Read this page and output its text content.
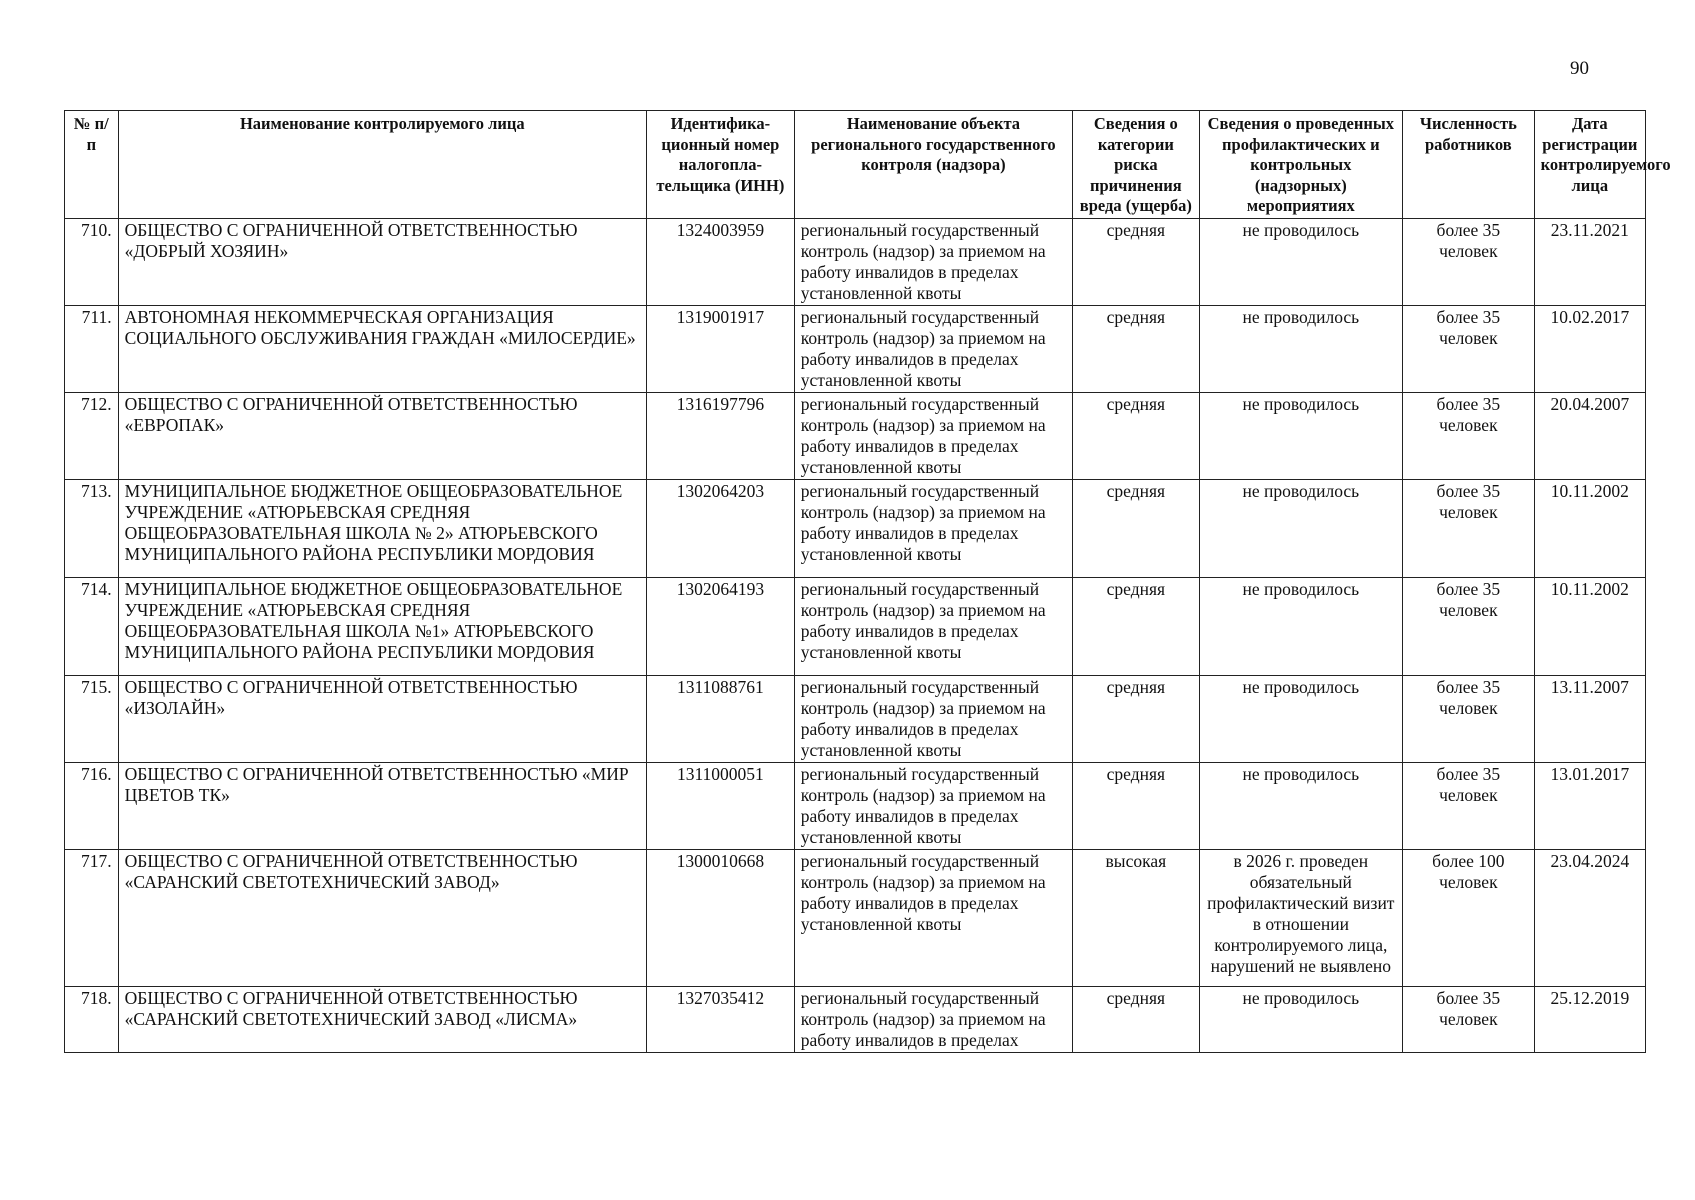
90
№ п/п	Наименование контролируемого лица	Идентифика-ционный номер налогопла-тельщика (ИНН)	Наименование объекта регионального государственного контроля (надзора)	Сведения о категории риска причинения вреда (ущерба)	Сведения о проведенных профилактических и контрольных (надзорных) мероприятиях	Численность работников	Дата регистрации контролируемого лица
710.	ОБЩЕСТВО С ОГРАНИЧЕННОЙ ОТВЕТСТВЕННОСТЬЮ «ДОБРЫЙ ХОЗЯИН»	1324003959	региональный государственный контроль (надзор) за приемом на работу инвалидов в пределах установленной квоты	средняя	не проводилось	более 35 человек	23.11.2021
711.	АВТОНОМНАЯ НЕКОММЕРЧЕСКАЯ ОРГАНИЗАЦИЯ СОЦИАЛЬНОГО ОБСЛУЖИВАНИЯ ГРАЖДАН «МИЛОСЕРДИЕ»	1319001917	региональный государственный контроль (надзор) за приемом на работу инвалидов в пределах установленной квоты	средняя	не проводилось	более 35 человек	10.02.2017
712.	ОБЩЕСТВО С ОГРАНИЧЕННОЙ ОТВЕТСТВЕННОСТЬЮ «ЕВРОПАК»	1316197796	региональный государственный контроль (надзор) за приемом на работу инвалидов в пределах установленной квоты	средняя	не проводилось	более 35 человек	20.04.2007
713.	МУНИЦИПАЛЬНОЕ БЮДЖЕТНОЕ ОБЩЕОБРАЗОВАТЕЛЬНОЕ УЧРЕЖДЕНИЕ «АТЮРЬЕВСКАЯ СРЕДНЯЯ ОБЩЕОБРАЗОВАТЕЛЬНАЯ ШКОЛА № 2» АТЮРЬЕВСКОГО МУНИЦИПАЛЬНОГО РАЙОНА РЕСПУБЛИКИ МОРДОВИЯ	1302064203	региональный государственный контроль (надзор) за приемом на работу инвалидов в пределах установленной квоты	средняя	не проводилось	более 35 человек	10.11.2002
714.	МУНИЦИПАЛЬНОЕ БЮДЖЕТНОЕ ОБЩЕОБРАЗОВАТЕЛЬНОЕ УЧРЕЖДЕНИЕ «АТЮРЬЕВСКАЯ СРЕДНЯЯ ОБЩЕОБРАЗОВАТЕЛЬНАЯ ШКОЛА №1» АТЮРЬЕВСКОГО МУНИЦИПАЛЬНОГО РАЙОНА РЕСПУБЛИКИ МОРДОВИЯ	1302064193	региональный государственный контроль (надзор) за приемом на работу инвалидов в пределах установленной квоты	средняя	не проводилось	более 35 человек	10.11.2002
715.	ОБЩЕСТВО С ОГРАНИЧЕННОЙ ОТВЕТСТВЕННОСТЬЮ «ИЗОЛАЙН»	1311088761	региональный государственный контроль (надзор) за приемом на работу инвалидов в пределах установленной квоты	средняя	не проводилось	более 35 человек	13.11.2007
716.	ОБЩЕСТВО С ОГРАНИЧЕННОЙ ОТВЕТСТВЕННОСТЬЮ «МИР ЦВЕТОВ ТК»	1311000051	региональный государственный контроль (надзор) за приемом на работу инвалидов в пределах установленной квоты	средняя	не проводилось	более 35 человек	13.01.2017
717.	ОБЩЕСТВО С ОГРАНИЧЕННОЙ ОТВЕТСТВЕННОСТЬЮ «САРАНСКИЙ СВЕТОТЕХНИЧЕСКИЙ ЗАВОД»	1300010668	региональный государственный контроль (надзор) за приемом на работу инвалидов в пределах установленной квоты	высокая	в 2026 г. проведен обязательный профилактический визит в отношении контролируемого лица, нарушений не выявлено	более 100 человек	23.04.2024
718.	ОБЩЕСТВО С ОГРАНИЧЕННОЙ ОТВЕТСТВЕННОСТЬЮ «САРАНСКИЙ СВЕТОТЕХНИЧЕСКИЙ ЗАВОД «ЛИСМА»	1327035412	региональный государственный контроль (надзор) за приемом на работу инвалидов в пределах	средняя	не проводилось	более 35 человек	25.12.2019
